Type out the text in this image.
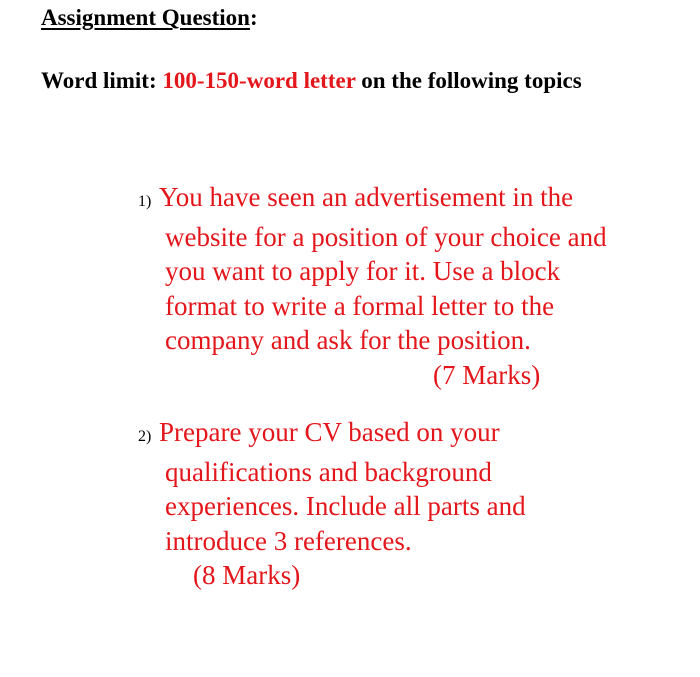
Assignment Question:
Word limit: 100-150-word letter on the following topics
1) You have seen an advertisement in the
website for a position of your choice and
you want to apply for it. Use a block
format to write a formal letter to the
company and ask for the position.
(7 Marks)
2) Prepare your CV based on your
qualifications and background
experiences. Include all parts and
introduce 3 references.
(8 Marks)
